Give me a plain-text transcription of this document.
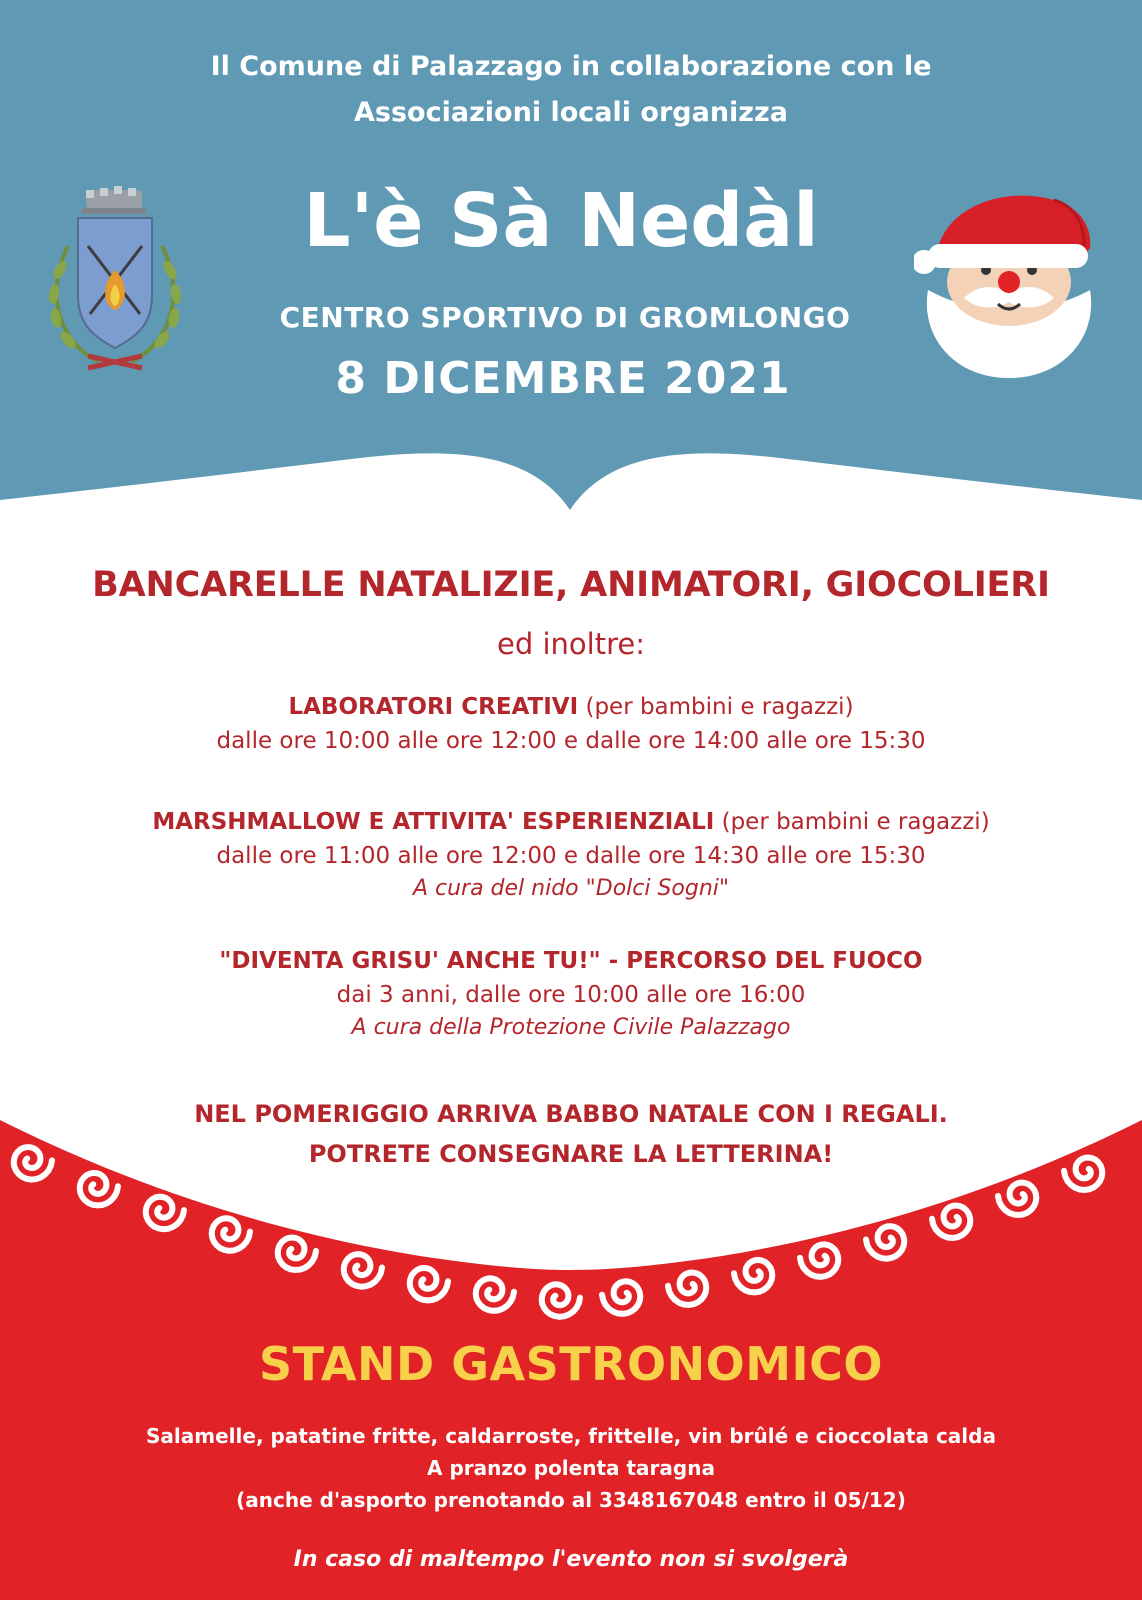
Il Comune di Palazzago in collaborazione con le
Associazioni locali organizza
L'è Sà Nedàl
CENTRO SPORTIVO DI GROMLONGO
8 DICEMBRE 2021
BANCARELLE NATALIZIE, ANIMATORI, GIOCOLIERI
ed inoltre:

LABORATORI CREATIVI (per bambini e ragazzi)

dalle ore 10:00 alle ore 12:00 e dalle ore 14:00 alle ore 15:30

MARSHMALLOW E ATTIVITA' ESPERIENZIALI (per bambini e ragazzi)

dalle ore 11:00 alle ore 12:00 e dalle ore 14:30 alle ore 15:30

A cura del nido "Dolci Sogni"

"DIVENTA GRISU' ANCHE TU!" - PERCORSO DEL FUOCO

dai 3 anni, dalle ore 10:00 alle ore 16:00

A cura della Protezione Civile Palazzago

NEL POMERIGGIO ARRIVA BABBO NATALE CON I REGALI.
POTRETE CONSEGNARE LA LETTERINA!
STAND GASTRONOMICO
Salamelle, patatine fritte, caldarroste, frittelle, vin brûlé e cioccolata calda
A pranzo polenta taragna
(anche d'asporto prenotando al 3348167048 entro il 05/12)
In caso di maltempo l'evento non si svolgerà
